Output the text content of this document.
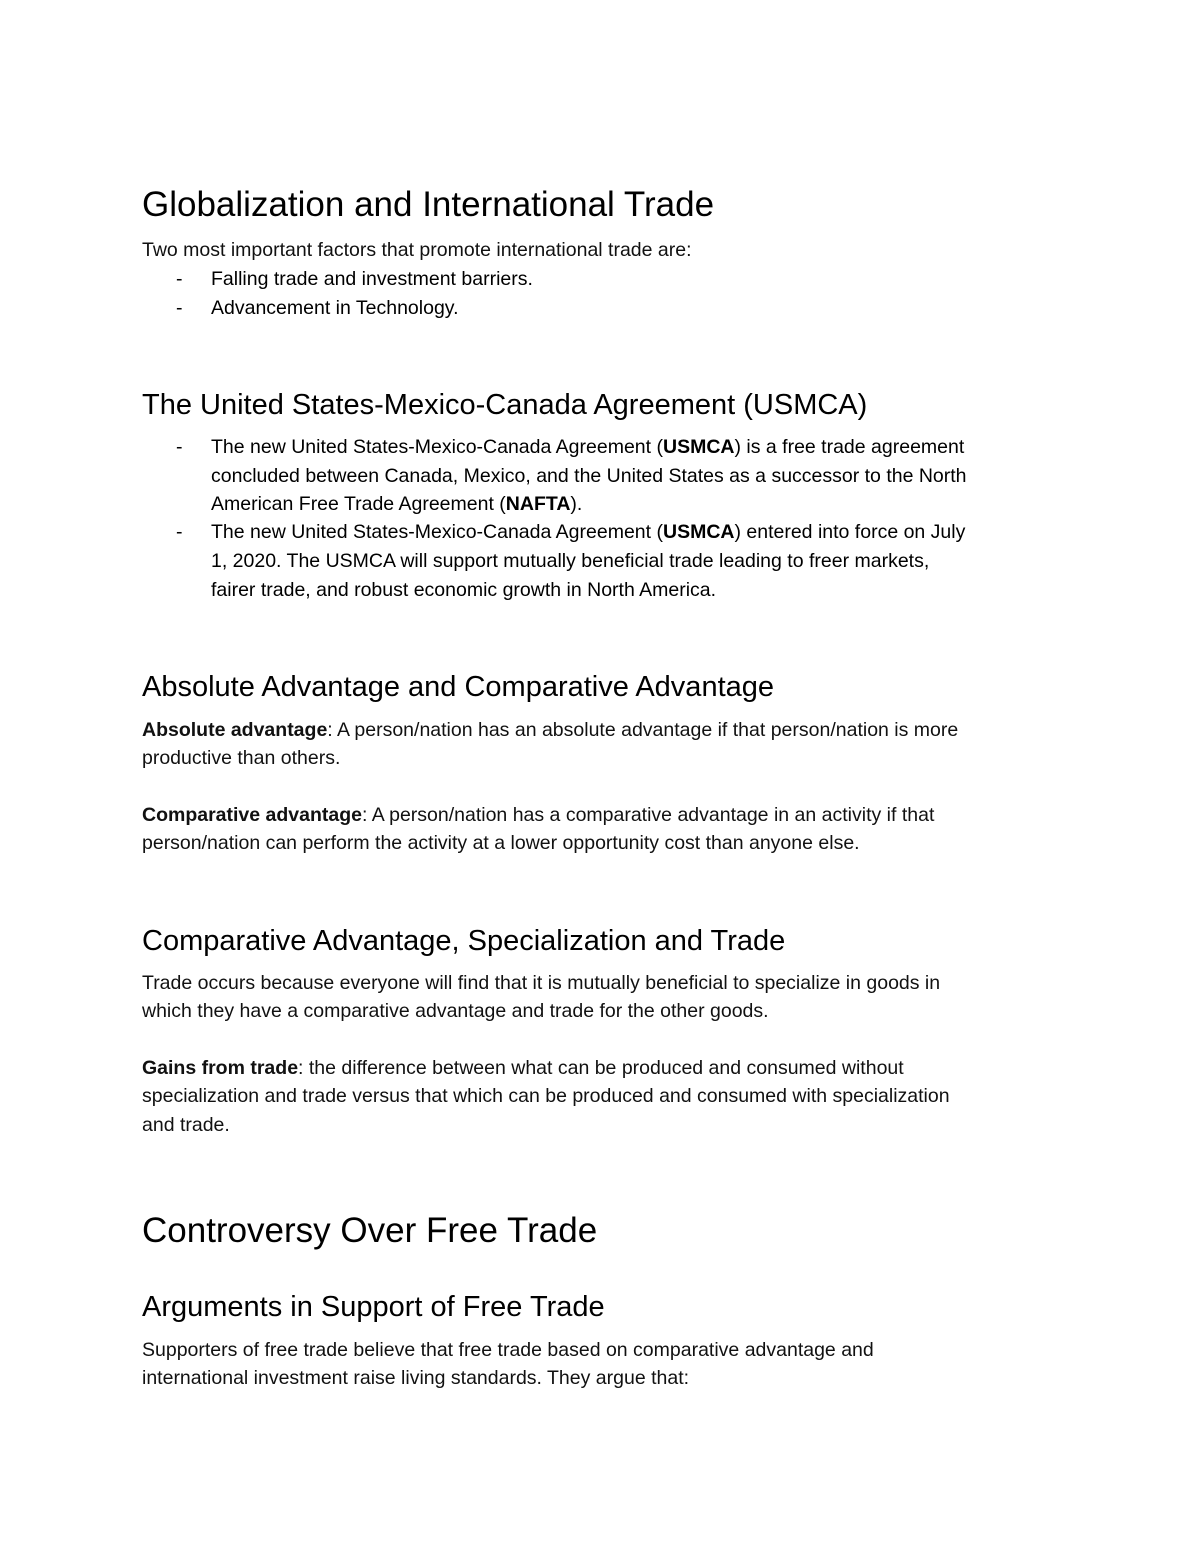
Globalization and International Trade
Two most important factors that promote international trade are:
- Falling trade and investment barriers.
- Advancement in Technology.
The United States-Mexico-Canada Agreement (USMCA)
- The new United States-Mexico-Canada Agreement (USMCA) is a free trade agreement
concluded between Canada, Mexico, and the United States as a successor to the North
American Free Trade Agreement (NAFTA).
- The new United States-Mexico-Canada Agreement (USMCA) entered into force on July
1, 2020. The USMCA will support mutually beneficial trade leading to freer markets,
fairer trade, and robust economic growth in North America.
Absolute Advantage and Comparative Advantage
Absolute advantage: A person/nation has an absolute advantage if that person/nation is more
productive than others.
Comparative advantage: A person/nation has a comparative advantage in an activity if that
person/nation can perform the activity at a lower opportunity cost than anyone else.
Comparative Advantage, Specialization and Trade
Trade occurs because everyone will find that it is mutually beneficial to specialize in goods in
which they have a comparative advantage and trade for the other goods.
Gains from trade: the difference between what can be produced and consumed without
specialization and trade versus that which can be produced and consumed with specialization
and trade.
Controversy Over Free Trade
Arguments in Support of Free Trade
Supporters of free trade believe that free trade based on comparative advantage and
international investment raise living standards. They argue that:
